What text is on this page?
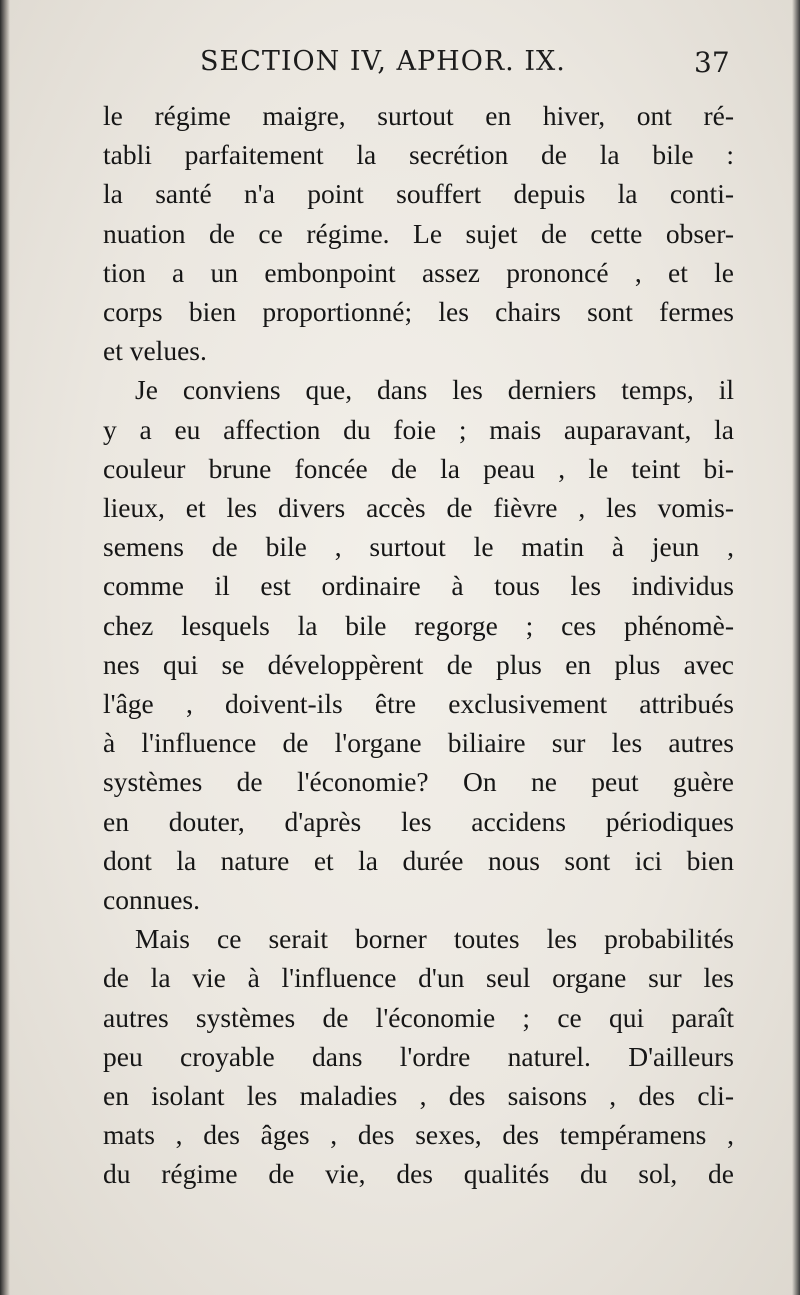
SECTION IV, APHOR. IX.	37

le régime maigre, surtout en hiver, ont ré-
tabli parfaitement la secrétion de la bile :
la santé n'a point souffert depuis la conti-
nuation de ce régime. Le sujet de cette obser-
tion a un embonpoint assez prononcé , et le
corps bien proportionné; les chairs sont fermes
et velues.

Je conviens que, dans les derniers temps, il
y a eu affection du foie ; mais auparavant, la
couleur brune foncée de la peau , le teint bi-
lieux, et les divers accès de fièvre , les vomis-
semens de bile , surtout le matin à jeun ,
comme il est ordinaire à tous les individus
chez lesquels la bile regorge ; ces phénomè-
nes qui se développèrent de plus en plus avec
l'âge , doivent-ils être exclusivement attribués
à l'influence de l'organe biliaire sur les autres
systèmes de l'économie? On ne peut guère
en douter, d'après les accidens périodiques
dont la nature et la durée nous sont ici bien
connues.

Mais ce serait borner toutes les probabilités
de la vie à l'influence d'un seul organe sur les
autres systèmes de l'économie ; ce qui paraît
peu croyable dans l'ordre naturel. D'ailleurs
en isolant les maladies , des saisons , des cli-
mats , des âges , des sexes, des tempéramens ,
du régime de vie, des qualités du sol, de
